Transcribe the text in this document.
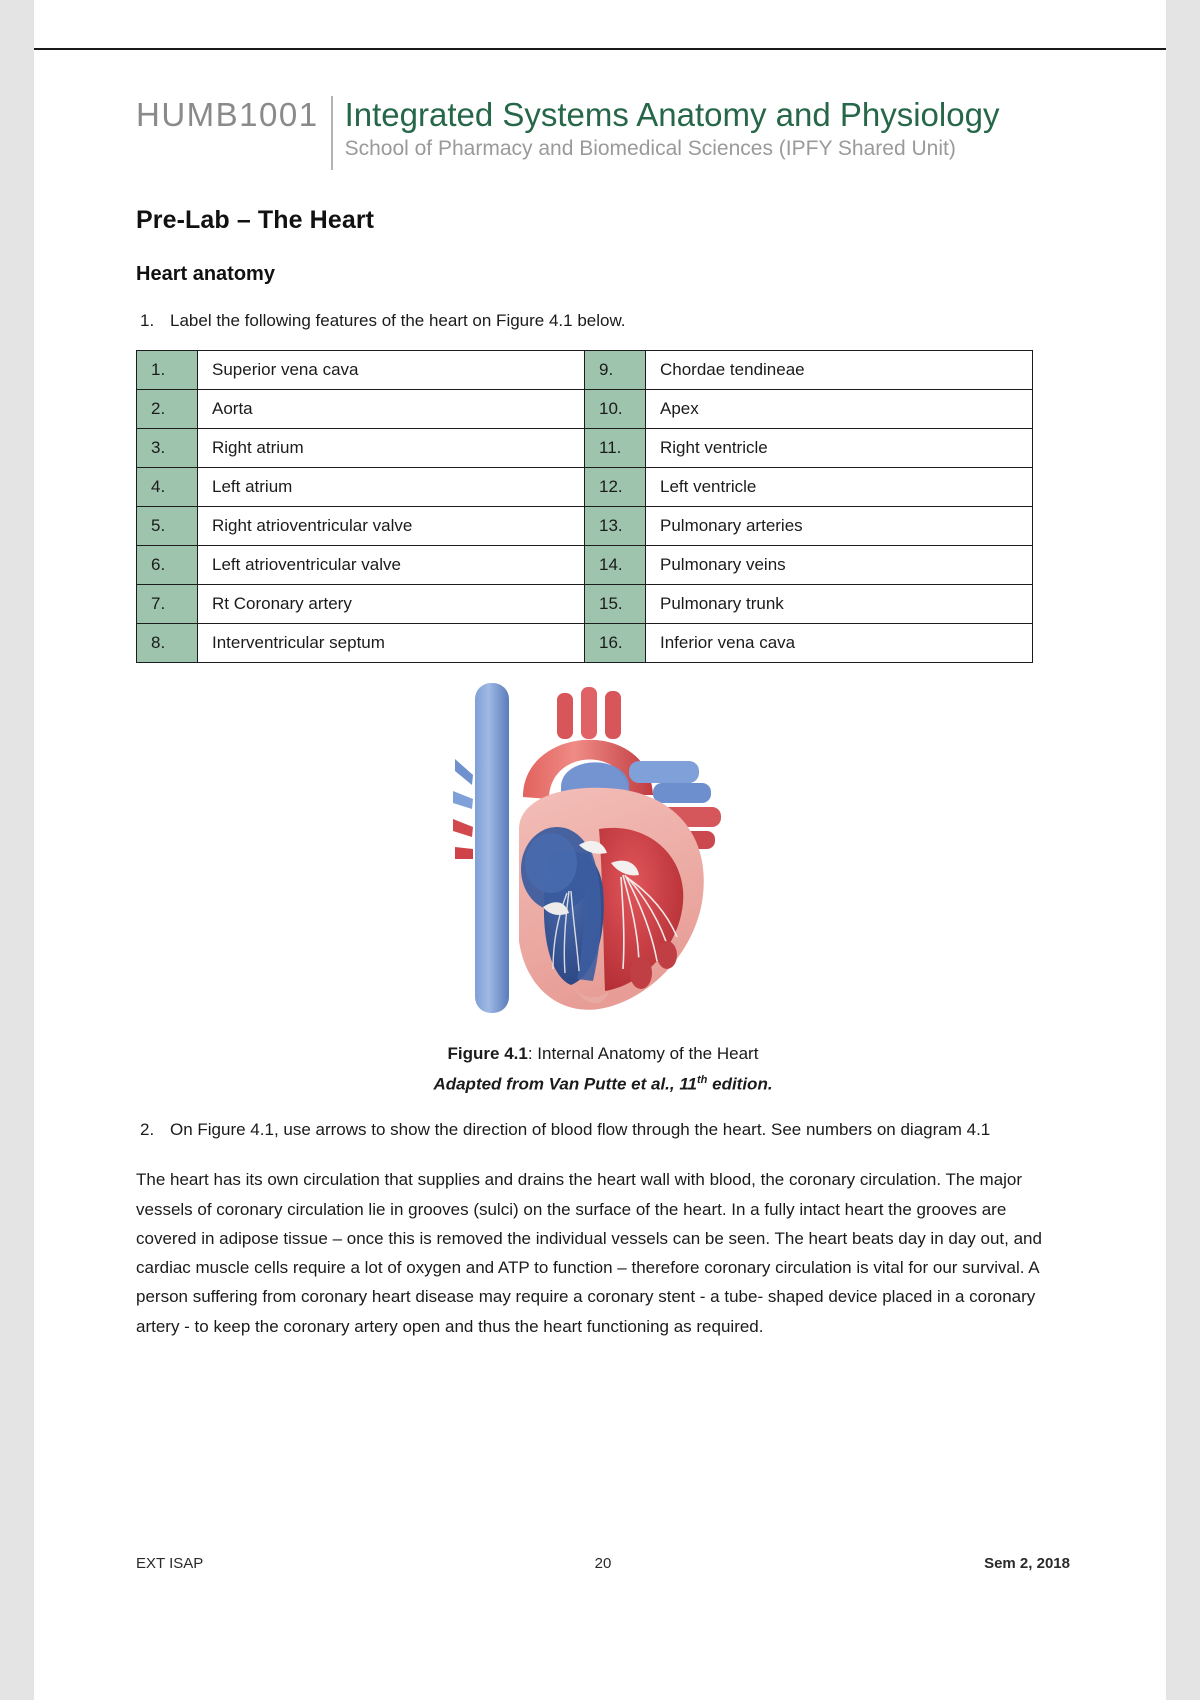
HUMB1001 Integrated Systems Anatomy and Physiology
School of Pharmacy and Biomedical Sciences (IPFY Shared Unit)
Pre-Lab – The Heart
Heart anatomy
1. Label the following features of the heart on Figure 4.1 below.
1.	Superior vena cava	9.	Chordae tendineae
2.	Aorta	10.	Apex
3.	Right atrium	11.	Right ventricle
4.	Left atrium	12.	Left ventricle
5.	Right atrioventricular valve	13.	Pulmonary arteries
6.	Left atrioventricular valve	14.	Pulmonary veins
7.	Rt Coronary artery	15.	Pulmonary trunk
8.	Interventricular septum	16.	Inferior vena cava
Figure 4.1: Internal Anatomy of the Heart
Adapted from Van Putte et al., 11th edition.
2. On Figure 4.1, use arrows to show the direction of blood flow through the heart. See numbers on diagram 4.1

The heart has its own circulation that supplies and drains the heart wall with blood, the coronary circulation. The major vessels of coronary circulation lie in grooves (sulci) on the surface of the heart. In a fully intact heart the grooves are covered in adipose tissue – once this is removed the individual vessels can be seen. The heart beats day in day out, and cardiac muscle cells require a lot of oxygen and ATP to function – therefore coronary circulation is vital for our survival. A person suffering from coronary heart disease may require a coronary stent - a tube- shaped device placed in a coronary artery - to keep the coronary artery open and thus the heart functioning as required.

EXT ISAP	20	Sem 2, 2018
